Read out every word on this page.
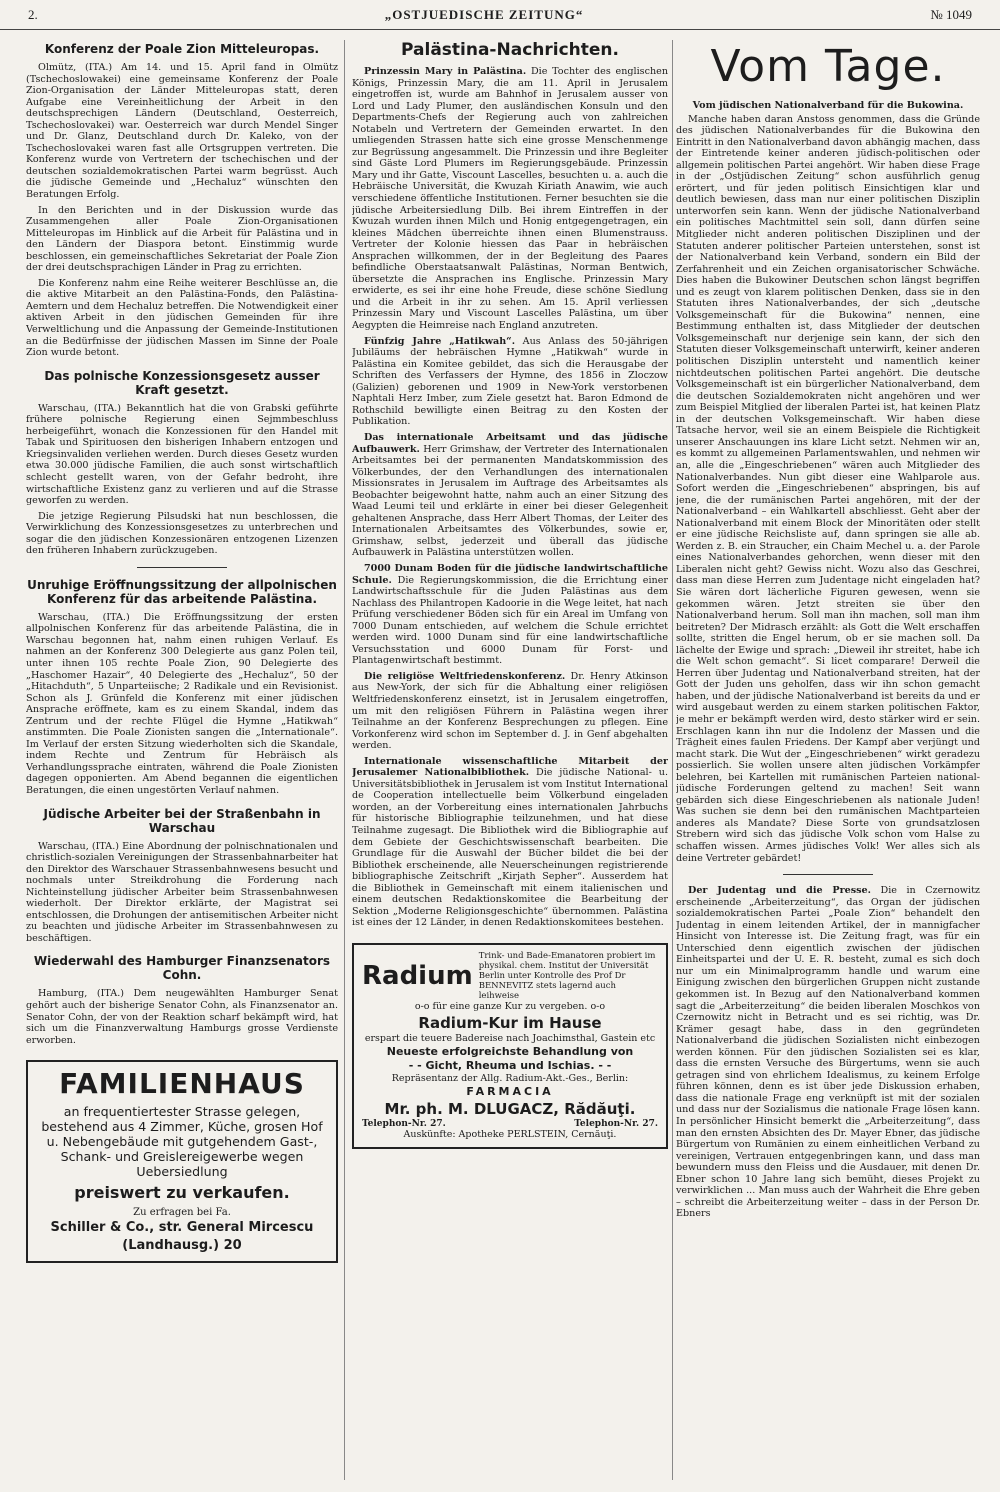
2.	„OSTJUEDISCHE ZEITUNG“	№ 1049
Konferenz der Poale Zion Mitteleuropas.

Olmütz, (ITA.) Am 14. und 15. April fand in Olmütz (Tschechoslowakei) eine gemeinsame Konferenz der Poale Zion-Organisation der Länder Mitteleuropas statt, deren Aufgabe eine Vereinheitlichung der Arbeit in den deutschsprechigen Ländern (Deutschland, Oesterreich, Tschechoslovakei) war. Oesterreich war durch Mendel Singer und Dr. Glanz, Deutschland durch Dr. Kaleko, von der Tschechoslovakei waren fast alle Ortsgruppen vertreten. Die Konferenz wurde von Vertretern der tschechischen und der deutschen sozialdemokratischen Partei warm begrüsst. Auch die jüdische Gemeinde und „Hechaluz“ wünschten den Beratungen Erfolg.

In den Berichten und in der Diskussion wurde das Zusammengehen aller Poale Zion-Organisationen Mitteleuropas im Hinblick auf die Arbeit für Palästina und in den Ländern der Diaspora betont. Einstimmig wurde beschlossen, ein gemeinschaftliches Sekretariat der Poale Zion der drei deutschsprachigen Länder in Prag zu errichten.

Die Konferenz nahm eine Reihe weiterer Beschlüsse an, die die aktive Mitarbeit an den Palästina-Fonds, den Palästina-Aemtern und dem Hechaluz betreffen. Die Notwendigkeit einer aktiven Arbeit in den jüdischen Gemeinden für ihre Verweltlichung und die Anpassung der Gemeinde-Institutionen an die Bedürfnisse der jüdischen Massen im Sinne der Poale Zion wurde betont.

Das polnische Konzessionsgesetz ausser Kraft gesetzt.

Warschau, (ITA.) Bekanntlich hat die von Grabski geführte frühere polnische Regierung einen Sejmmbeschluss herbeigeführt, wonach die Konzessionen für den Handel mit Tabak und Spirituosen den bisherigen Inhabern entzogen und Kriegsinvaliden verliehen werden. Durch dieses Gesetz wurden etwa 30.000 jüdische Familien, die auch sonst wirtschaftlich schlecht gestellt waren, von der Gefahr bedroht, ihre wirtschaftliche Existenz ganz zu verlieren und auf die Strasse geworfen zu werden.

Die jetzige Regierung Pilsudski hat nun beschlossen, die Verwirklichung des Konzessionsgesetzes zu unterbrechen und sogar die den jüdischen Konzessionären entzogenen Lizenzen den früheren Inhabern zurückzugeben.

Unruhige Eröffnungssitzung der allpolnischen Konferenz für das arbeitende Palästina.

Warschau, (ITA.) Die Eröffnungssitzung der ersten allpolnischen Konferenz für das arbeitende Palästina, die in Warschau begonnen hat, nahm einen ruhigen Verlauf. Es nahmen an der Konferenz 300 Delegierte aus ganz Polen teil, unter ihnen 105 rechte Poale Zion, 90 Delegierte des „Haschomer Hazair“, 40 Delegierte des „Hechaluz“, 50 der „Hitachduth“, 5 Unparteiische; 2 Radikale und ein Revisionist. Schon als J. Grünfeld die Konferenz mit einer jüdischen Ansprache eröffnete, kam es zu einem Skandal, indem das Zentrum und der rechte Flügel die Hymne „Hatikwah“ anstimmten. Die Poale Zionisten sangen die „Internationale“. Im Verlauf der ersten Sitzung wiederholten sich die Skandale, indem Rechte und Zentrum für Hebräisch als Verhandlungssprache eintraten, während die Poale Zionisten dagegen opponierten. Am Abend begannen die eigentlichen Beratungen, die einen ungestörten Verlauf nahmen.

Jüdische Arbeiter bei der Straßenbahn in Warschau

Warschau, (ITA.) Eine Abordnung der polnischnationalen und christlich-sozialen Vereinigungen der Strassenbahnarbeiter hat den Direktor des Warschauer Strassenbahnwesens besucht und nochmals unter Streikdrohung die Forderung nach Nichteinstellung jüdischer Arbeiter beim Strassenbahnwesen wiederholt. Der Direktor erklärte, der Magistrat sei entschlossen, die Drohungen der antisemitischen Arbeiter nicht zu beachten und jüdische Arbeiter im Strassenbahnwesen zu beschäftigen.

Wiederwahl des Hamburger Finanzsenators Cohn.

Hamburg, (ITA.) Dem neugewählten Hamburger Senat gehört auch der bisherige Senator Cohn, als Finanzsenator an. Senator Cohn, der von der Reaktion scharf bekämpft wird, hat sich um die Finanzverwaltung Hamburgs grosse Verdienste erworben.

FAMILIENHAUS
an frequentiertester Strasse gelegen, bestehend aus 4 Zimmer, Küche, grosen Hof u. Nebengebäude mit gutgehendem Gast-, Schank- und Greislereigewerbe wegen Uebersiedlung
preiswert zu verkaufen.
Zu erfragen bei Fa.
Schiller & Co., str. General Mircescu (Landhausg.) 20
Palästina-Nachrichten.

Prinzessin Mary in Palästina. Die Tochter des englischen Königs, Prinzessin Mary, die am 11. April in Jerusalem eingetroffen ist, wurde am Bahnhof in Jerusalem ausser von Lord und Lady Plumer, den ausländischen Konsuln und den Departments-Chefs der Regierung auch von zahlreichen Notabeln und Vertretern der Gemeinden erwartet. In den umliegenden Strassen hatte sich eine grosse Menschenmenge zur Begrüssung angesammelt. Die Prinzessin und ihre Begleiter sind Gäste Lord Plumers im Regierungsgebäude. Prinzessin Mary und ihr Gatte, Viscount Lascelles, besuchten u. a. auch die Hebräische Universität, die Kwuzah Kiriath Anawim, wie auch verschiedene öffentliche Institutionen. Ferner besuchten sie die jüdische Arbeitersiedlung Dilb. Bei ihrem Eintreffen in der Kwuzah wurden ihnen Milch und Honig entgegengetragen, ein kleines Mädchen überreichte ihnen einen Blumenstrauss. Vertreter der Kolonie hiessen das Paar in hebräischen Ansprachen willkommen, der in der Begleitung des Paares befindliche Oberstaatsanwalt Palästinas, Norman Bentwich, übersetzte die Ansprachen ins Englische. Prinzessin Mary erwiderte, es sei ihr eine hohe Freude, diese schöne Siedlung und die Arbeit in ihr zu sehen. Am 15. April verliessen Prinzessin Mary und Viscount Lascelles Palästina, um über Aegypten die Heimreise nach England anzutreten.

Fünfzig Jahre „Hatikwah“. Aus Anlass des 50-jährigen Jubiläums der hebräischen Hymne „Hatikwah“ wurde in Palästina ein Komitee gebildet, das sich die Herausgabe der Schriften des Verfassers der Hymne, des 1856 in Zloczow (Galizien) geborenen und 1909 in New-York verstorbenen Naphtali Herz Imber, zum Ziele gesetzt hat. Baron Edmond de Rothschild bewilligte einen Beitrag zu den Kosten der Publikation.

Das internationale Arbeitsamt und das jüdische Aufbauwerk. Herr Grimshaw, der Vertreter des Internationalen Arbeitsamtes bei der permanenten Mandatskommission des Völkerbundes, der den Verhandlungen des internationalen Missionsrates in Jerusalem im Auftrage des Arbeitsamtes als Beobachter beigewohnt hatte, nahm auch an einer Sitzung des Waad Leumi teil und erklärte in einer bei dieser Gelegenheit gehaltenen Ansprache, dass Herr Albert Thomas, der Leiter des Internationalen Arbeitsamtes des Völkerbundes, sowie er, Grimshaw, selbst, jederzeit und überall das jüdische Aufbauwerk in Palästina unterstützen wollen.

7000 Dunam Boden für die jüdische landwirtschaftliche Schule. Die Regierungskommission, die die Errichtung einer Landwirtschaftsschule für die Juden Palästinas aus dem Nachlass des Philantropen Kadoorie in die Wege leitet, hat nach Prüfung verschiedener Böden sich für ein Areal im Umfang von 7000 Dunam entschieden, auf welchem die Schule errichtet werden wird. 1000 Dunam sind für eine landwirtschaftliche Versuchsstation und 6000 Dunam für Forst- und Plantagenwirtschaft bestimmt.

Die religiöse Weltfriedenskonferenz. Dr. Henry Atkinson aus New-York, der sich für die Abhaltung einer religiösen Weltfriedenskonferenz einsetzt, ist in Jerusalem eingetroffen, um mit den religiösen Führern in Palästina wegen ihrer Teilnahme an der Konferenz Besprechungen zu pflegen. Eine Vorkonferenz wird schon im September d. J. in Genf abgehalten werden.

Internationale wissenschaftliche Mitarbeit der Jerusalemer Nationalbibliothek. Die jüdische National- u. Universitätsbibliothek in Jerusalem ist vom Institut International de Cooperation intellectuelle beim Völkerbund eingeladen worden, an der Vorbereitung eines internationalen Jahrbuchs für historische Bibliographie teilzunehmen, und hat diese Teilnahme zugesagt. Die Bibliothek wird die Bibliographie auf dem Gebiete der Geschichtswissenschaft bearbeiten. Die Grundlage für die Auswahl der Bücher bildet die bei der Bibliothek erscheinende, alle Neuerscheinungen registrierende bibliographische Zeitschrift „Kirjath Sepher“. Ausserdem hat die Bibliothek in Gemeinschaft mit einem italienischen und einem deutschen Redaktionskomitee die Bearbeitung der Sektion „Moderne Religionsgeschichte“ übernommen. Palästina ist eines der 12 Länder, in denen Redaktionskomitees bestehen.

Radium
Trink- und Bade-Emanatoren probiert im physikal. chem. Institut der Universität Berlin unter Kontrolle des Prof Dr BENNEVITZ stets lagernd auch leihweise
o-o für eine ganze Kur zu vergeben. o-o
Radium-Kur im Hause
erspart die teuere Badereise nach Joachimsthal, Gastein etc
Neueste erfolgreichste Behandlung von
- - Gicht, Rheuma und Ischias. - -
Repräsentanz der Allg. Radium-Akt.-Ges., Berlin:
FARMACIA
Mr. ph. M. DLUGACZ, Rădăuţi.
Telephon-Nr. 27.	Telephon-Nr. 27.
Auskünfte: Apotheke PERLSTEIN, Cernăuţi.
Vom Tage.

Vom jüdischen Nationalverband für die Bukowina.

Manche haben daran Anstoss genommen, dass die Gründe des jüdischen Nationalverbandes für die Bukowina den Eintritt in den Nationalverband davon abhängig machen, dass der Eintretende keiner anderen jüdisch-politischen oder allgemein politischen Partei angehört. Wir haben diese Frage in der „Ostjüdischen Zeitung“ schon ausführlich genug erörtert, und für jeden politisch Einsichtigen klar und deutlich bewiesen, dass man nur einer politischen Disziplin unterworfen sein kann. Wenn der jüdische Nationalverband ein politisches Machtmittel sein soll, dann dürfen seine Mitglieder nicht anderen politischen Disziplinen und der Statuten anderer politischer Parteien unterstehen, sonst ist der Nationalverband kein Verband, sondern ein Bild der Zerfahrenheit und ein Zeichen organisatorischer Schwäche. Dies haben die Bukowiner Deutschen schon längst begriffen und es zeugt von klarem politischen Denken, dass sie in den Statuten ihres Nationalverbandes, der sich „deutsche Volksgemeinschaft für die Bukowina“ nennen, eine Bestimmung enthalten ist, dass Mitglieder der deutschen Volksgemeinschaft nur derjenige sein kann, der sich den Statuten dieser Volksgemeinschaft unterwirft, keiner anderen politischen Disziplin untersteht und namentlich keiner nichtdeutschen politischen Partei angehört. Die deutsche Volksgemeinschaft ist ein bürgerlicher Nationalverband, dem die deutschen Sozialdemokraten nicht angehören und wer zum Beispiel Mitglied der liberalen Partei ist, hat keinen Platz in der deutschen Volksgemeinschaft. Wir haben diese Tatsache hervor, weil sie an einem Beispiele die Richtigkeit unserer Anschauungen ins klare Licht setzt. Nehmen wir an, es kommt zu allgemeinen Parlamentswahlen, und nehmen wir an, alle die „Eingeschriebenen“ wären auch Mitglieder des Nationalverbandes. Nun gibt dieser eine Wahlparole aus. Sofort werden die „Eingeschriebenen“ abspringen, bis auf jene, die der rumänischen Partei angehören, mit der der Nationalverband – ein Wahlkartell abschliesst. Geht aber der Nationalverband mit einem Block der Minoritäten oder stellt er eine jüdische Reichsliste auf, dann springen sie alle ab. Werden z. B. ein Straucher, ein Chaim Mechel u. a. der Parole eines Nationalverbandes gehorchen, wenn dieser mit den Liberalen nicht geht? Gewiss nicht. Wozu also das Geschrei, dass man diese Herren zum Judentage nicht eingeladen hat? Sie wären dort lächerliche Figuren gewesen, wenn sie gekommen wären. Jetzt streiten sie über den Nationalverband herum. Soll man ihn machen, soll man ihm beitreten? Der Midrasch erzählt: als Gott die Welt erschaffen sollte, stritten die Engel herum, ob er sie machen soll. Da lächelte der Ewige und sprach: „Dieweil ihr streitet, habe ich die Welt schon gemacht“. Si licet comparare! Derweil die Herren über Judentag und Nationalverband streiten, hat der Gott der Juden uns geholfen, dass wir ihn schon gemacht haben, und der jüdische Nationalverband ist bereits da und er wird ausgebaut werden zu einem starken politischen Faktor, je mehr er bekämpft werden wird, desto stärker wird er sein. Erschlagen kann ihn nur die Indolenz der Massen und die Trägheit eines faulen Friedens. Der Kampf aber verjüngt und macht stark. Die Wut der „Eingeschriebenen“ wirkt geradezu possierlich. Sie wollen unsere alten jüdischen Vorkämpfer belehren, bei Kartellen mit rumänischen Parteien national-jüdische Forderungen geltend zu machen! Seit wann gebärden sich diese Eingeschriebenen als nationale Juden! Was suchen sie denn bei den rumänischen Machtparteien anderes als Mandate? Diese Sorte von grundsatzlosen Strebern wird sich das jüdische Volk schon vom Halse zu schaffen wissen. Armes jüdisches Volk! Wer alles sich als deine Vertreter gebärdet!

Der Judentag und die Presse. Die in Czernowitz erscheinende „Arbeiterzeitung“, das Organ der jüdischen sozialdemokratischen Partei „Poale Zion“ behandelt den Judentag in einem leitenden Artikel, der in mannigfacher Hinsicht von Interesse ist. Die Zeitung fragt, was für ein Unterschied denn eigentlich zwischen der jüdischen Einheitspartei und der U. E. R. besteht, zumal es sich doch nur um ein Minimalprogramm handle und warum eine Einigung zwischen den bürgerlichen Gruppen nicht zustande gekommen ist. In Bezug auf den Nationalverband kommen sagt die „Arbeiterzeitung“ die beiden liberalen Moschkos von Czernowitz nicht in Betracht und es sei richtig, was Dr. Krämer gesagt habe, dass in den gegründeten Nationalverband die jüdischen Sozialisten nicht einbezogen werden können. Für den jüdischen Sozialisten sei es klar, dass die ernsten Versuche des Bürgertums, wenn sie auch getragen sind von ehrlichem Idealismus, zu keinem Erfolge führen können, denn es ist über jede Diskussion erhaben, dass die nationale Frage eng verknüpft ist mit der sozialen und dass nur der Sozialismus die nationale Frage lösen kann. In persönlicher Hinsicht bemerkt die „Arbeiterzeitung“, dass man den ernsten Absichten des Dr. Mayer Ebner, das jüdische Bürgertum von Rumänien zu einem einheitlichen Verband zu vereinigen, Vertrauen entgegenbringen kann, und dass man bewundern muss den Fleiss und die Ausdauer, mit denen Dr. Ebner schon 10 Jahre lang sich bemüht, dieses Projekt zu verwirklichen ... Man muss auch der Wahrheit die Ehre geben – schreibt die Arbeiterzeitung weiter – dass in der Person Dr. Ebners
